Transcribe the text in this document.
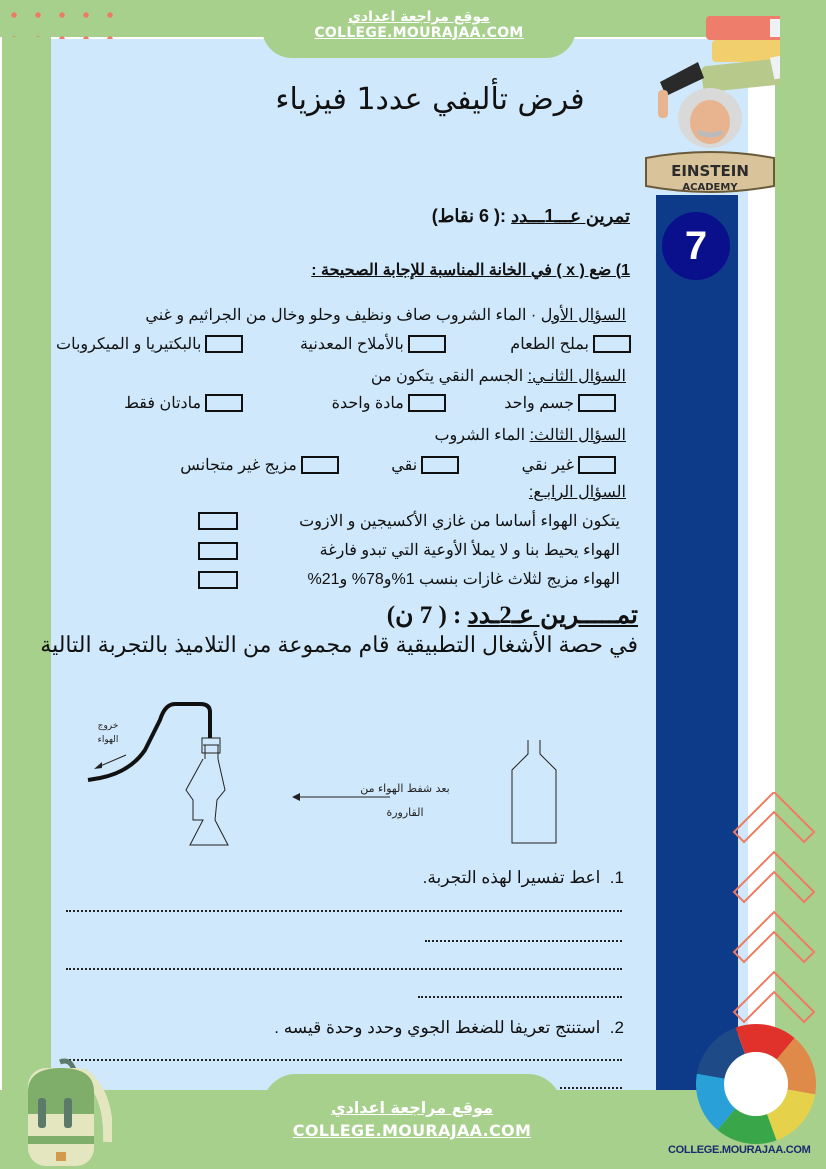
موقع مراجعة اعدادي
COLLEGE.MOURAJAA.COM
فرض تأليفي عدد1 فيزياء
EINSTEIN
ACADEMY
7
تمرين عـــ1ـــدد :( 6 نقاط)
1) ضع ( x ) في الخانة المناسبة للإجابة الصحيحة :
السؤال الأول · الماء الشروب صاف ونظيف وحلو وخال من الجراثيم و غني
بملح الطعام

بالأملاح المعدنية

بالبكتيريا و الميكروبات
السؤال الثانـي: الجسم النقي يتكون من
جسم واحد

مادة واحدة

مادتان فقط
السؤال الثالث: الماء الشروب
غير نقي

نقي

مزيج غير متجانس
السؤال الرابـع:
يتكون الهواء أساسا من غازي الأكسيجين و الازوت
الهواء يحيط بنا و لا يملأ الأوعية التي تبدو فارغة
الهواء مزيج لثلاث غازات بنسب 1%و78% و21%
تمـــــرين عـ2ـدد : ( 7 ن)
في حصة الأشغال التطبيقية قام مجموعة من التلاميذ بالتجربة التالية
خروج
الهواء
بعد شفط الهواء من
القارورة
1.  اعط تفسيرا لهذه التجربة.
2.  استنتج تعريفا للضغط الجوي وحدد وحدة قيسه .
COLLEGE.MOURAJAA.COM
موقع مراجعة اعدادي
COLLEGE.MOURAJAA.COM
